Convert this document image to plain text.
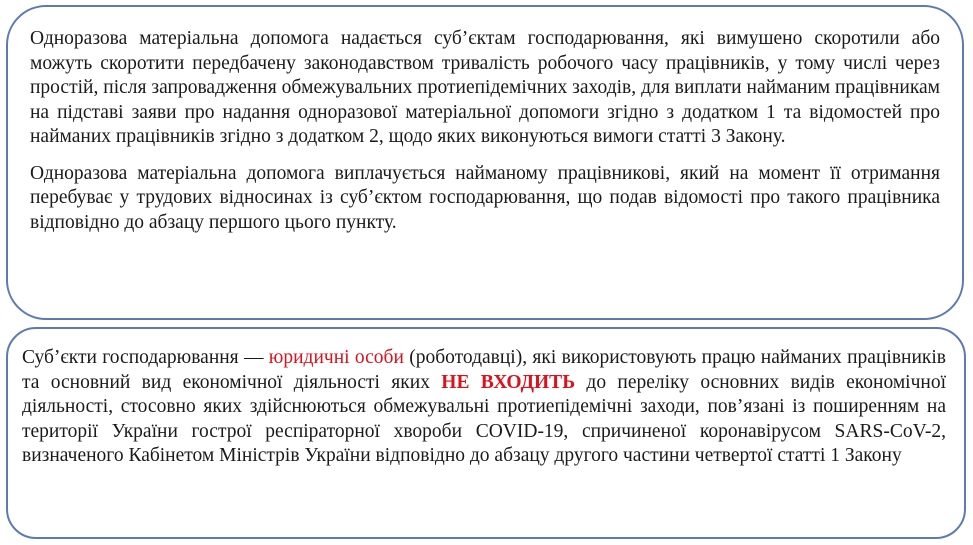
Одноразова матеріальна допомога надається суб’єктам господарювання, які вимушено скоротили або можуть скоротити передбачену законодавством тривалість робочого часу працівників, у тому числі через простій, після запровадження обмежувальних протиепідемічних заходів, для виплати найманим працівникам на підставі заяви про надання одноразової матеріальної допомоги згідно з додатком 1 та відомостей про найманих працівників згідно з додатком 2, щодо яких виконуються вимоги статті 3 Закону.

Одноразова матеріальна допомога виплачується найманому працівникові, який на момент її отримання перебуває у трудових відносинах із суб’єктом господарювання, що подав відомості про такого працівника відповідно до абзацу першого цього пункту.

Суб’єкти господарювання — юридичні особи (роботодавці), які використовують працю найманих працівників та основний вид економічної діяльності яких НЕ ВХОДИТЬ до переліку основних видів економічної діяльності, стосовно яких здійснюються обмежувальні протиепідемічні заходи, пов’язані із поширенням на території України гострої респіраторної хвороби COVID-19, спричиненої коронавірусом SARS-CoV-2, визначеного Кабінетом Міністрів України відповідно до абзацу другого частини четвертої статті 1 Закону
